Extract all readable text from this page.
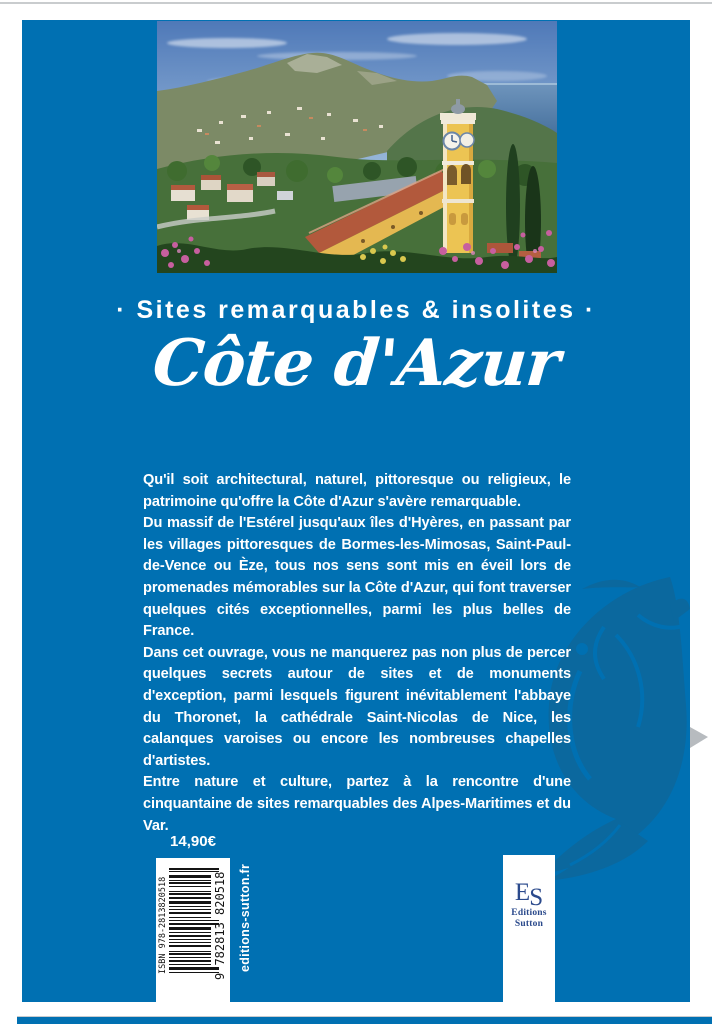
· Sites remarquables & insolites ·
Côte d'Azur

Qu'il soit architectural, naturel, pittoresque ou religieux, le patrimoine qu'offre la Côte d'Azur s'avère remarquable.

Du massif de l'Estérel jusqu'aux îles d'Hyères, en passant par les villages pittoresques de Bormes-les-Mimosas, Saint-Paul-de-Vence ou Èze, tous nos sens sont mis en éveil lors de promenades mémorables sur la Côte d'Azur, qui font traverser quelques cités exceptionnelles, parmi les plus belles de France.

Dans cet ouvrage, vous ne manquerez pas non plus de percer quelques secrets autour de sites et de monuments d'exception, parmi lesquels figurent inévitablement l'abbaye du Thoronet, la cathédrale Saint-Nicolas de Nice, les calanques varoises ou encore les nombreuses chapelles d'artistes.

Entre nature et culture, partez à la rencontre d'une cinquantaine de sites remarquables des Alpes-Maritimes et du Var.

14,90€
editions-sutton.fr
ISBN 978-2813820518	9 782813 820518	ES
Editions
Sutton
